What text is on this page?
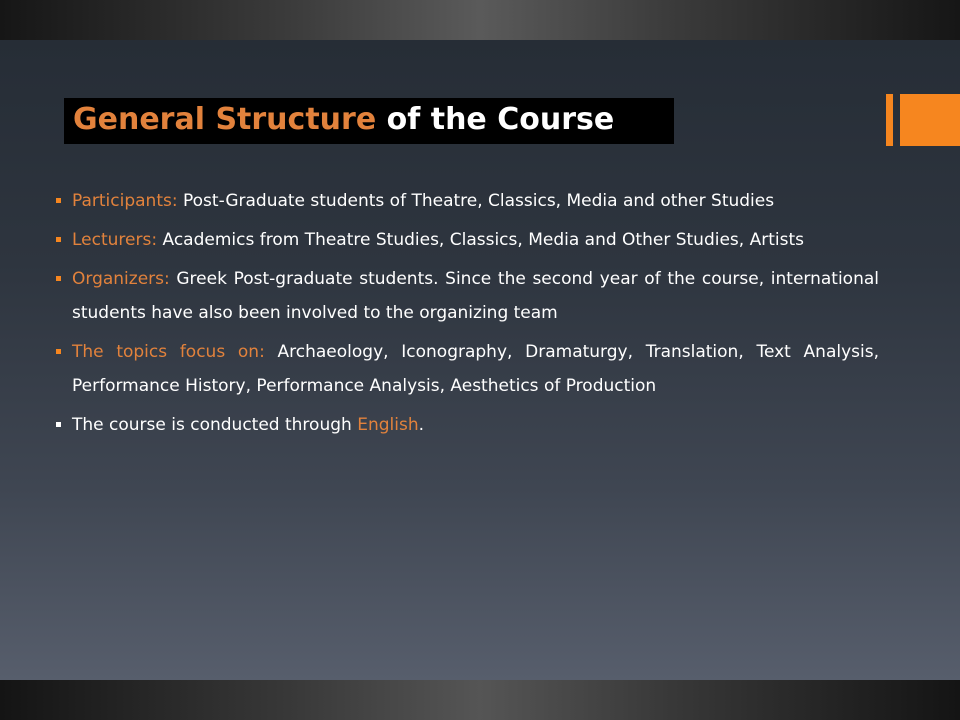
General Structure of the Course
Participants: Post-Graduate students of Theatre, Classics, Media and other Studies
Lecturers: Academics from Theatre Studies, Classics, Media and Other Studies, Artists
Organizers: Greek Post-graduate students. Since the second year of the course, international students have also been involved to the organizing team
The topics focus on: Archaeology, Iconography, Dramaturgy, Translation, Text Analysis, Performance History, Performance Analysis, Aesthetics of Production
The course is conducted through English.
